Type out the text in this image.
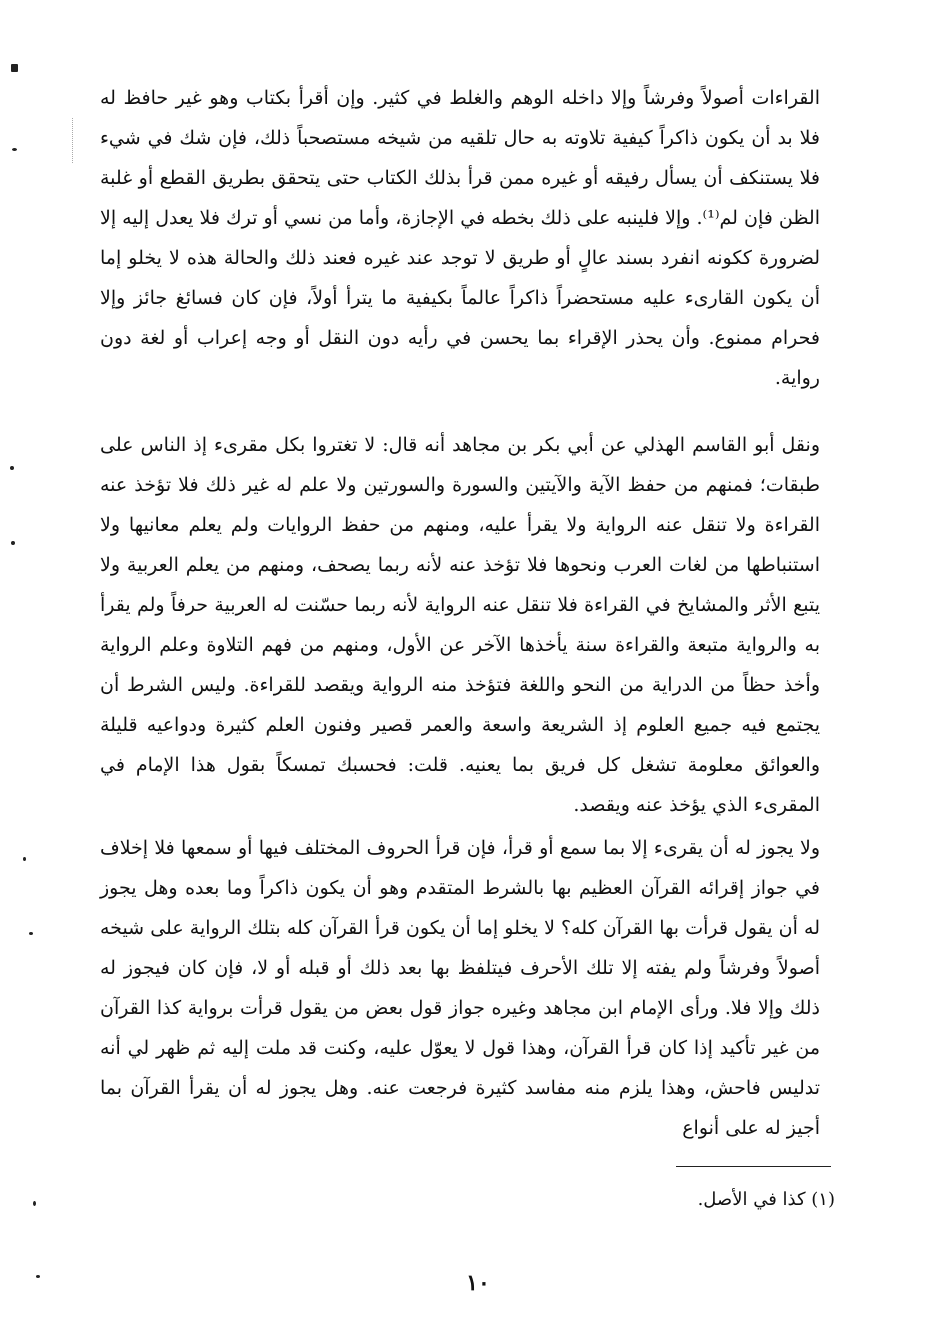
القراءات أصولاً وفرشاً وإلا داخله الوهم والغلط في كثير. وإن أقرأ بكتاب وهو غير حافظ له فلا بد أن يكون ذاكراً كيفية تلاوته به حال تلقيه من شيخه مستصحباً ذلك، فإن شك في شيء فلا يستنكف أن يسأل رفيقه أو غيره ممن قرأ بذلك الكتاب حتى يتحقق بطريق القطع أو غلبة الظن فإن لم⁽¹⁾. وإلا فلينبه على ذلك بخطه في الإجازة، وأما من نسي أو ترك فلا يعدل إليه إلا لضرورة ككونه انفرد بسند عالٍ أو طريق لا توجد عند غيره فعند ذلك والحالة هذه لا يخلو إما أن يكون القارىء عليه مستحضراً ذاكراً عالماً بكيفية ما يترأ أولاً، فإن كان فسائغ جائز وإلا فحرام ممنوع. وأن يحذر الإقراء بما يحسن في رأيه دون النقل أو وجه إعراب أو لغة دون رواية.

ونقل أبو القاسم الهذلي عن أبي بكر بن مجاهد أنه قال: لا تغتروا بكل مقرىء إذ الناس على طبقات؛ فمنهم من حفظ الآية والآيتين والسورة والسورتين ولا علم له غير ذلك فلا تؤخذ عنه القراءة ولا تنقل عنه الرواية ولا يقرأ عليه، ومنهم من حفظ الروايات ولم يعلم معانيها ولا استنباطها من لغات العرب ونحوها فلا تؤخذ عنه لأنه ربما يصحف، ومنهم من يعلم العربية ولا يتبع الأثر والمشايخ في القراءة فلا تنقل عنه الرواية لأنه ربما حسّنت له العربية حرفاً ولم يقرأ به والرواية متبعة والقراءة سنة يأخذها الآخر عن الأول، ومنهم من فهم التلاوة وعلم الرواية وأخذ حظاً من الدراية من النحو واللغة فتؤخذ منه الرواية ويقصد للقراءة. وليس الشرط أن يجتمع فيه جميع العلوم إذ الشريعة واسعة والعمر قصير وفنون العلم كثيرة ودواعيه قليلة والعوائق معلومة تشغل كل فريق بما يعنيه. قلت: فحسبك تمسكاً بقول هذا الإمام في المقرىء الذي يؤخذ عنه ويقصد.

ولا يجوز له أن يقرىء إلا بما سمع أو قرأ، فإن قرأ الحروف المختلف فيها أو سمعها فلا إخلاف في جواز إقرائه القرآن العظيم بها بالشرط المتقدم وهو أن يكون ذاكراً وما بعده وهل يجوز له أن يقول قرأت بها القرآن كله؟ لا يخلو إما أن يكون قرأ القرآن كله بتلك الرواية على شيخه أصولاً وفرشاً ولم يفته إلا تلك الأحرف فيتلفظ بها بعد ذلك أو قبله أو لا، فإن كان فيجوز له ذلك وإلا فلا. ورأى الإمام ابن مجاهد وغيره جواز قول بعض من يقول قرأت برواية كذا القرآن من غير تأكيد إذا كان قرأ القرآن، وهذا قول لا يعوّل عليه، وكنت قد ملت إليه ثم ظهر لي أنه تدليس فاحش، وهذا يلزم منه مفاسد كثيرة فرجعت عنه. وهل يجوز له أن يقرأ القرآن بما أجيز له على أنواع

(١) كذا في الأصل.
١٠
